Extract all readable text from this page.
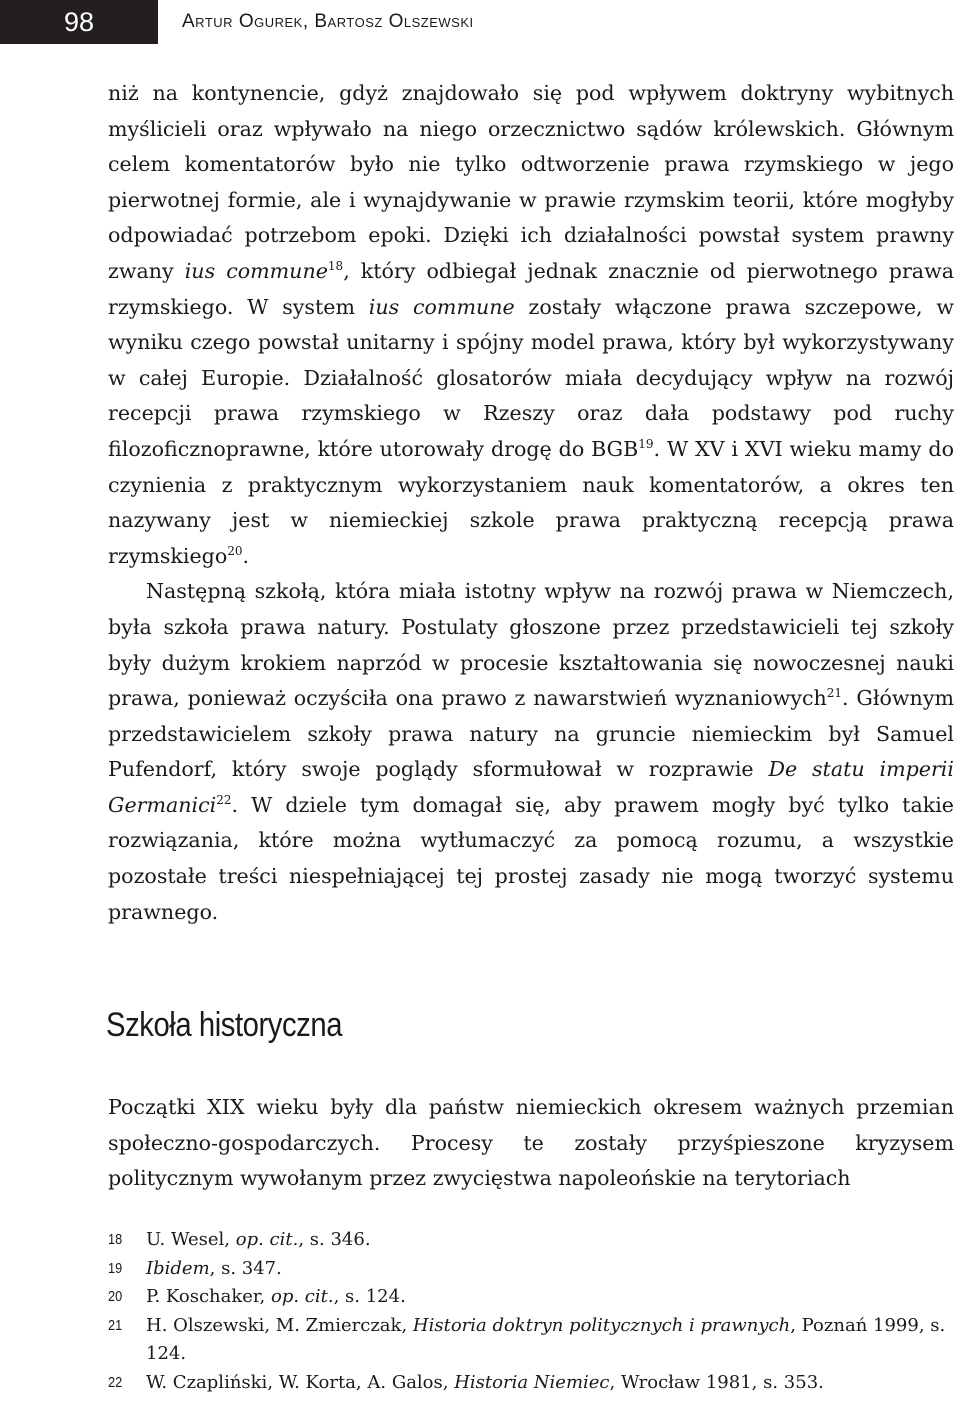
98	Artur Ogurek, Bartosz Olszewski

niż na kontynencie, gdyż znajdowało się pod wpływem doktryny wybitnych myślicieli oraz wpływało na niego orzecznictwo sądów królewskich. Głównym celem komentatorów było nie tylko odtworzenie prawa rzymskiego w jego pierwotnej formie, ale i wynajdywanie w prawie rzymskim teorii, które mogłyby odpowiadać potrzebom epoki. Dzięki ich działalności powstał system prawny zwany ius commune$^{18}$, który odbiegał jednak znacznie od pierwotnego prawa rzymskiego. W system ius commune zostały włączone prawa szczepowe, w wyniku czego powstał unitarny i spójny model prawa, który był wykorzystywany w całej Europie. Działalność glosatorów miała decydujący wpływ na rozwój recepcji prawa rzymskiego w Rzeszy oraz dała podstawy pod ruchy filozoficznoprawne, które utorowały drogę do BGB$^{19}$. W XV i XVI wieku mamy do czynienia z praktycznym wykorzystaniem nauk komentatorów, a okres ten nazywany jest w niemieckiej szkole prawa praktyczną recepcją prawa rzymskiego$^{20}$.

Następną szkołą, która miała istotny wpływ na rozwój prawa w Niemczech, była szkoła prawa natury. Postulaty głoszone przez przedstawicieli tej szkoły były dużym krokiem naprzód w procesie kształtowania się nowoczesnej nauki prawa, ponieważ oczyściła ona prawo z nawarstwień wyznaniowych$^{21}$. Głównym przedstawicielem szkoły prawa natury na gruncie niemieckim był Samuel Pufendorf, który swoje poglądy sformułował w rozprawie De statu imperii Germanici$^{22}$. W dziele tym domagał się, aby prawem mogły być tylko takie rozwiązania, które można wytłumaczyć za pomocą rozumu, a wszystkie pozostałe treści niespełniającej tej prostej zasady nie mogą tworzyć systemu prawnego.

Szkoła historyczna

Początki XIX wieku były dla państw niemieckich okresem ważnych przemian społeczno-gospodarczych. Procesy te zostały przyśpieszone kryzysem politycznym wywołanym przez zwycięstwa napoleońskie na terytoriach

18	U. Wesel, op. cit., s. 346.
19	Ibidem, s. 347.
20	P. Koschaker, op. cit., s. 124.
21	H. Olszewski, M. Zmierczak, Historia doktryn politycznych i prawnych, Poznań 1999, s. 124.
22	W. Czapliński, W. Korta, A. Galos, Historia Niemiec, Wrocław 1981, s. 353.
